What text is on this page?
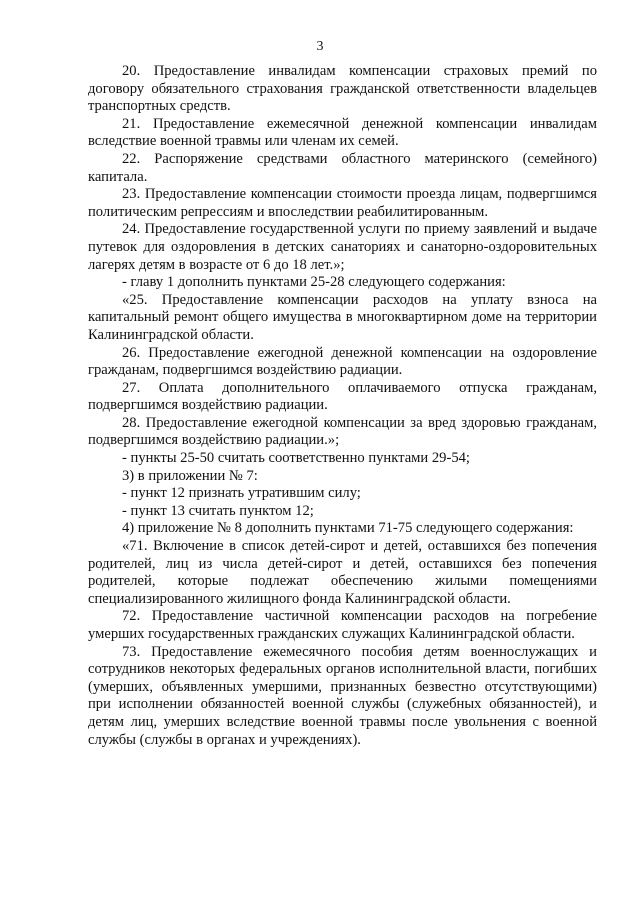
3

20. Предоставление инвалидам компенсации страховых премий по договору обязательного страхования гражданской ответственности владельцев транспортных средств.

21. Предоставление ежемесячной денежной компенсации инвалидам вследствие военной травмы или членам их семей.

22. Распоряжение средствами областного материнского (семейного) капитала.

23. Предоставление компенсации стоимости проезда лицам, подвергшимся политическим репрессиям и впоследствии реабилитированным.

24. Предоставление государственной услуги по приему заявлений и выдаче путевок для оздоровления в детских санаториях и санаторно-оздоровительных лагерях детям в возрасте от 6 до 18 лет.»;

- главу 1 дополнить пунктами 25-28 следующего содержания:

«25. Предоставление компенсации расходов на уплату взноса на капитальный ремонт общего имущества в многоквартирном доме на территории Калининградской области.

26. Предоставление ежегодной денежной компенсации на оздоровление гражданам, подвергшимся воздействию радиации.

27. Оплата дополнительного оплачиваемого отпуска гражданам, подвергшимся воздействию радиации.

28. Предоставление ежегодной компенсации за вред здоровью гражданам, подвергшимся воздействию радиации.»;

- пункты 25-50 считать соответственно пунктами 29-54;

3) в приложении № 7:

- пункт 12 признать утратившим силу;

- пункт 13 считать пунктом 12;

4) приложение № 8 дополнить пунктами 71-75 следующего содержания:

«71. Включение в список детей-сирот и детей, оставшихся без попечения родителей, лиц из числа детей-сирот и детей, оставшихся без попечения родителей, которые подлежат обеспечению жилыми помещениями специализированного жилищного фонда Калининградской области.

72. Предоставление частичной компенсации расходов на погребение умерших государственных гражданских служащих Калининградской области.

73. Предоставление ежемесячного пособия детям военнослужащих и сотрудников некоторых федеральных органов исполнительной власти, погибших (умерших, объявленных умершими, признанных безвестно отсутствующими) при исполнении обязанностей военной службы (служебных обязанностей), и детям лиц, умерших вследствие военной травмы после увольнения с военной службы (службы в органах и учреждениях).
